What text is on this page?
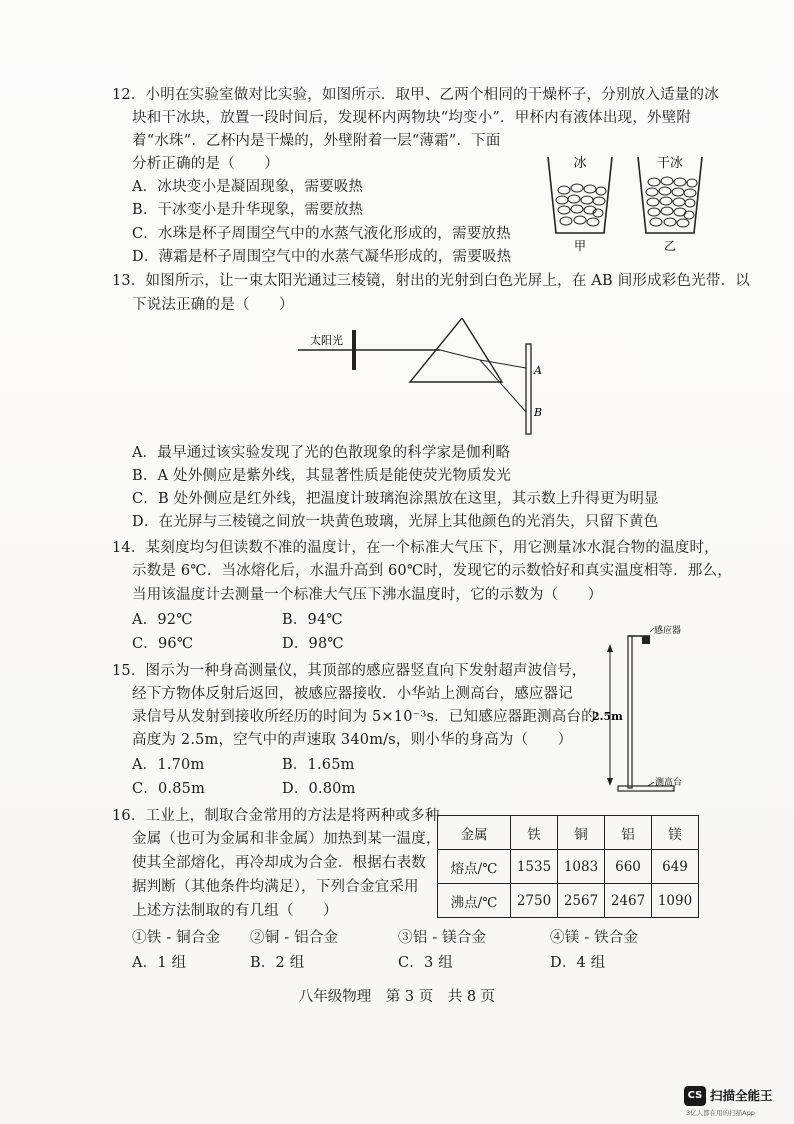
12．小明在实验室做对比实验，如图所示．取甲、乙两个相同的干燥杯子，分别放入适量的冰
块和干冰块，放置一段时间后，发现杯内两物块“均变小”．甲杯内有液体出现，外壁附
着“水珠”．乙杯内是干燥的，外壁附着一层“薄霜”．下面
分析正确的是（　　）
A．冰块变小是凝固现象，需要吸热
B．干冰变小是升华现象，需要放热
C．水珠是杯子周围空气中的水蒸气液化形成的，需要放热
D．薄霜是杯子周围空气中的水蒸气凝华形成的，需要吸热
冰	干冰
甲	乙
13．如图所示，让一束太阳光通过三棱镜，射出的光射到白色光屏上，在 AB 间形成彩色光带．以
下说法正确的是（　　）
太阳光
A
B
A．最早通过该实验发现了光的色散现象的科学家是伽利略
B．A 处外侧应是紫外线，其显著性质是能使荧光物质发光
C．B 处外侧应是红外线，把温度计玻璃泡涂黑放在这里，其示数上升得更为明显
D．在光屏与三棱镜之间放一块黄色玻璃，光屏上其他颜色的光消失，只留下黄色
14．某刻度均匀但读数不准的温度计，在一个标准大气压下，用它测量冰水混合物的温度时，
示数是 6℃．当冰熔化后，水温升高到 60℃时，发现它的示数恰好和真实温度相等．那么，
当用该温度计去测量一个标准大气压下沸水温度时，它的示数为（　　）
A．92℃	B．94℃
C．96℃	D．98℃
15．图示为一种身高测量仪，其顶部的感应器竖直向下发射超声波信号，
经下方物体反射后返回，被感应器接收．小华站上测高台，感应器记
录信号从发射到接收所经历的时间为 5×10⁻³s．已知感应器距测高台的
高度为 2.5m，空气中的声速取 340m/s，则小华的身高为（　　）
A．1.70m	B．1.65m
C．0.85m	D．0.80m
感应器
2.5m
测高台
16．工业上，制取合金常用的方法是将两种或多种
金属（也可为金属和非金属）加热到某一温度，
使其全部熔化，再冷却成为合金．根据右表数
据判断（其他条件均满足），下列合金宜采用
上述方法制取的有几组（　　）
金属	铁	铜	铝	镁
熔点/℃	1535	1083	660	649
沸点/℃	2750	2567	2467	1090
①铁 - 铜合金 ②铜 - 铝合金	③铝 - 镁合金	④镁 - 铁合金
A．1 组	B．2 组	C．3 组	D．4 组
八年级物理　第 3 页　共 8 页
CS 扫描全能王
3亿人都在用的扫描App
